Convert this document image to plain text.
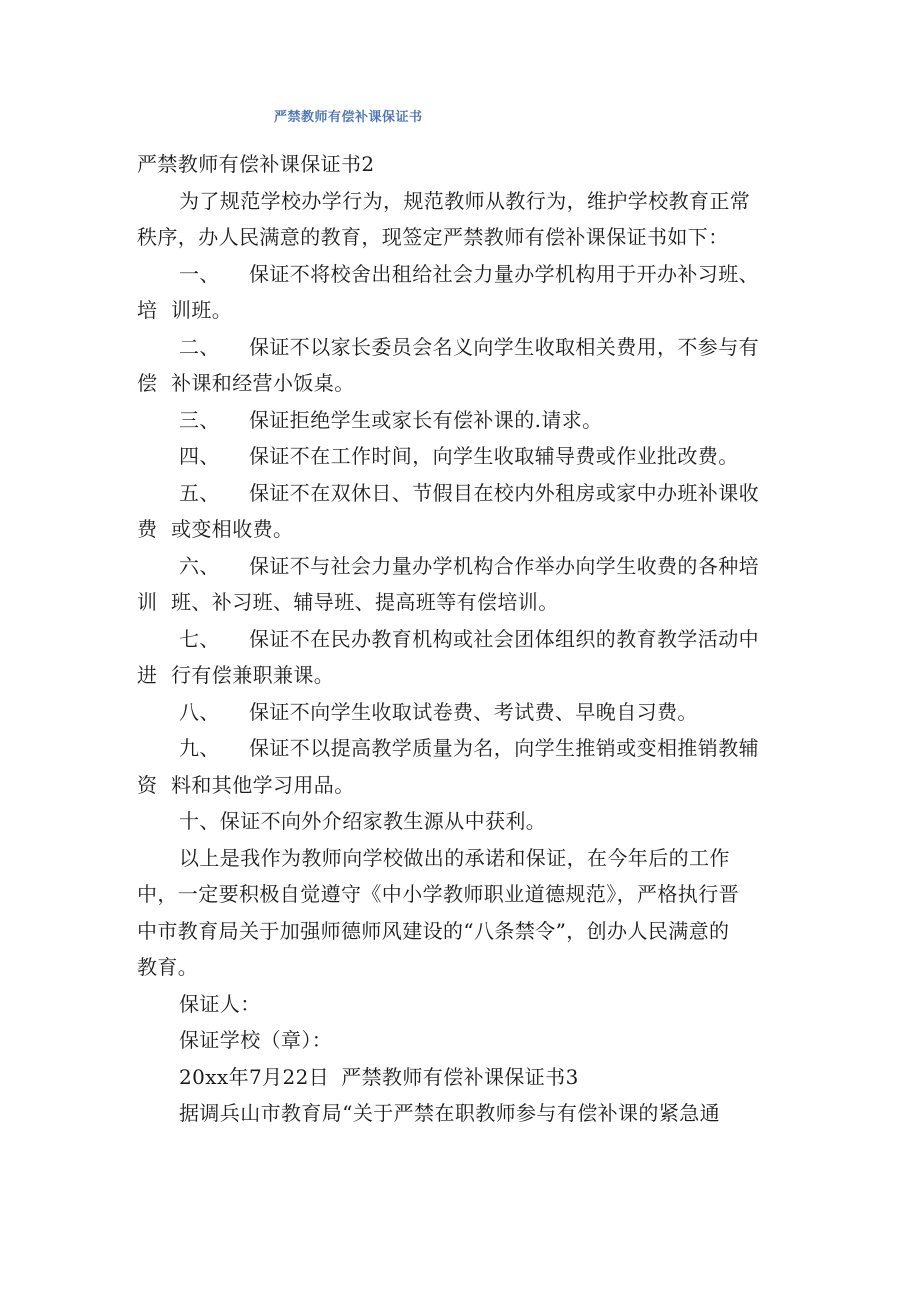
严禁教师有偿补课保证书
严禁教师有偿补课保证书2
为了规范学校办学行为，规范教师从教行为，维护学校教育正常
秩序，办人民满意的教育，现签定严禁教师有偿补课保证书如下：
一、 保证不将校舍出租给社会力量办学机构用于开办补习班、
培 训班。
二、 保证不以家长委员会名义向学生收取相关费用，不参与有
偿 补课和经营小饭桌。
三、 保证拒绝学生或家长有偿补课的.请求。
四、 保证不在工作时间，向学生收取辅导费或作业批改费。
五、 保证不在双休日、节假目在校内外租房或家中办班补课收
费 或变相收费。
六、 保证不与社会力量办学机构合作举办向学生收费的各种培
训 班、补习班、辅导班、提高班等有偿培训。
七、 保证不在民办教育机构或社会团体组织的教育教学活动中
进 行有偿兼职兼课。
八、 保证不向学生收取试卷费、考试费、早晚自习费。
九、 保证不以提高教学质量为名，向学生推销或变相推销教辅
资 料和其他学习用品。
十、保证不向外介绍家教生源从中获利。
以上是我作为教师向学校做出的承诺和保证，在今年后的工作
中，一定要积极自觉遵守《中小学教师职业道德规范》，严格执行晋
中市教育局关于加强师德师风建设的“八条禁令”，创办人民满意的
教育。
保证人：
保证学校（章）：
20xx年7月22日 严禁教师有偿补课保证书3
据调兵山市教育局“关于严禁在职教师参与有偿补课的紧急通
